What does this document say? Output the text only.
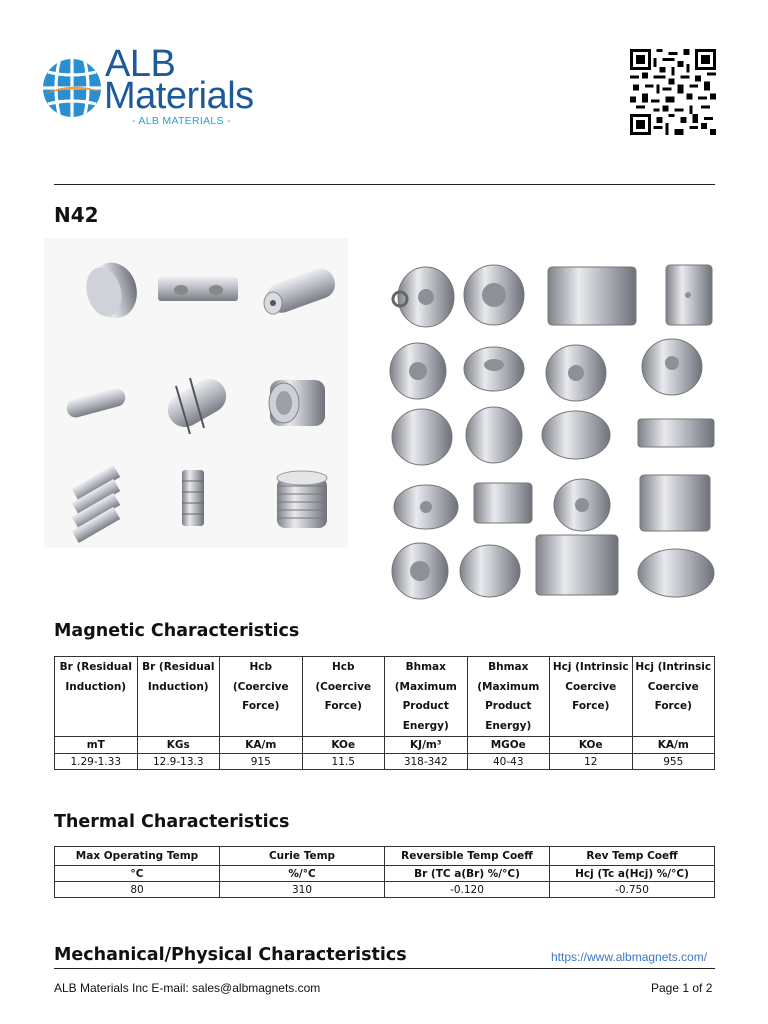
ALB
Materials
- ALB MATERIALS -
N42
Magnetic Characteristics
Br (Residual
Induction)	Br (Residual
Induction)	Hcb
(Coercive
Force)	Hcb
(Coercive
Force)	Bhmax
(Maximum
Product
Energy)	Bhmax
(Maximum
Product
Energy)	Hcj (Intrinsic
Coercive
Force)	Hcj (Intrinsic
Coercive
Force)
mT	KGs	KA/m	KOe	KJ/m³	MGOe	KOe	KA/m
1.29-1.33	12.9-13.3	915	11.5	318-342	40-43	12	955
Thermal Characteristics
Max Operating Temp	Curie Temp	Reversible Temp Coeff	Rev Temp Coeff
°C	%/°C	Br (TC a(Br) %/°C)	Hcj (Tc a(Hcj) %/°C)
80	310	-0.120	-0.750
Mechanical/Physical Characteristics	https://www.albmagnets.com/
ALB Materials Inc E-mail: sales@albmagnets.com	Page 1 of 2
